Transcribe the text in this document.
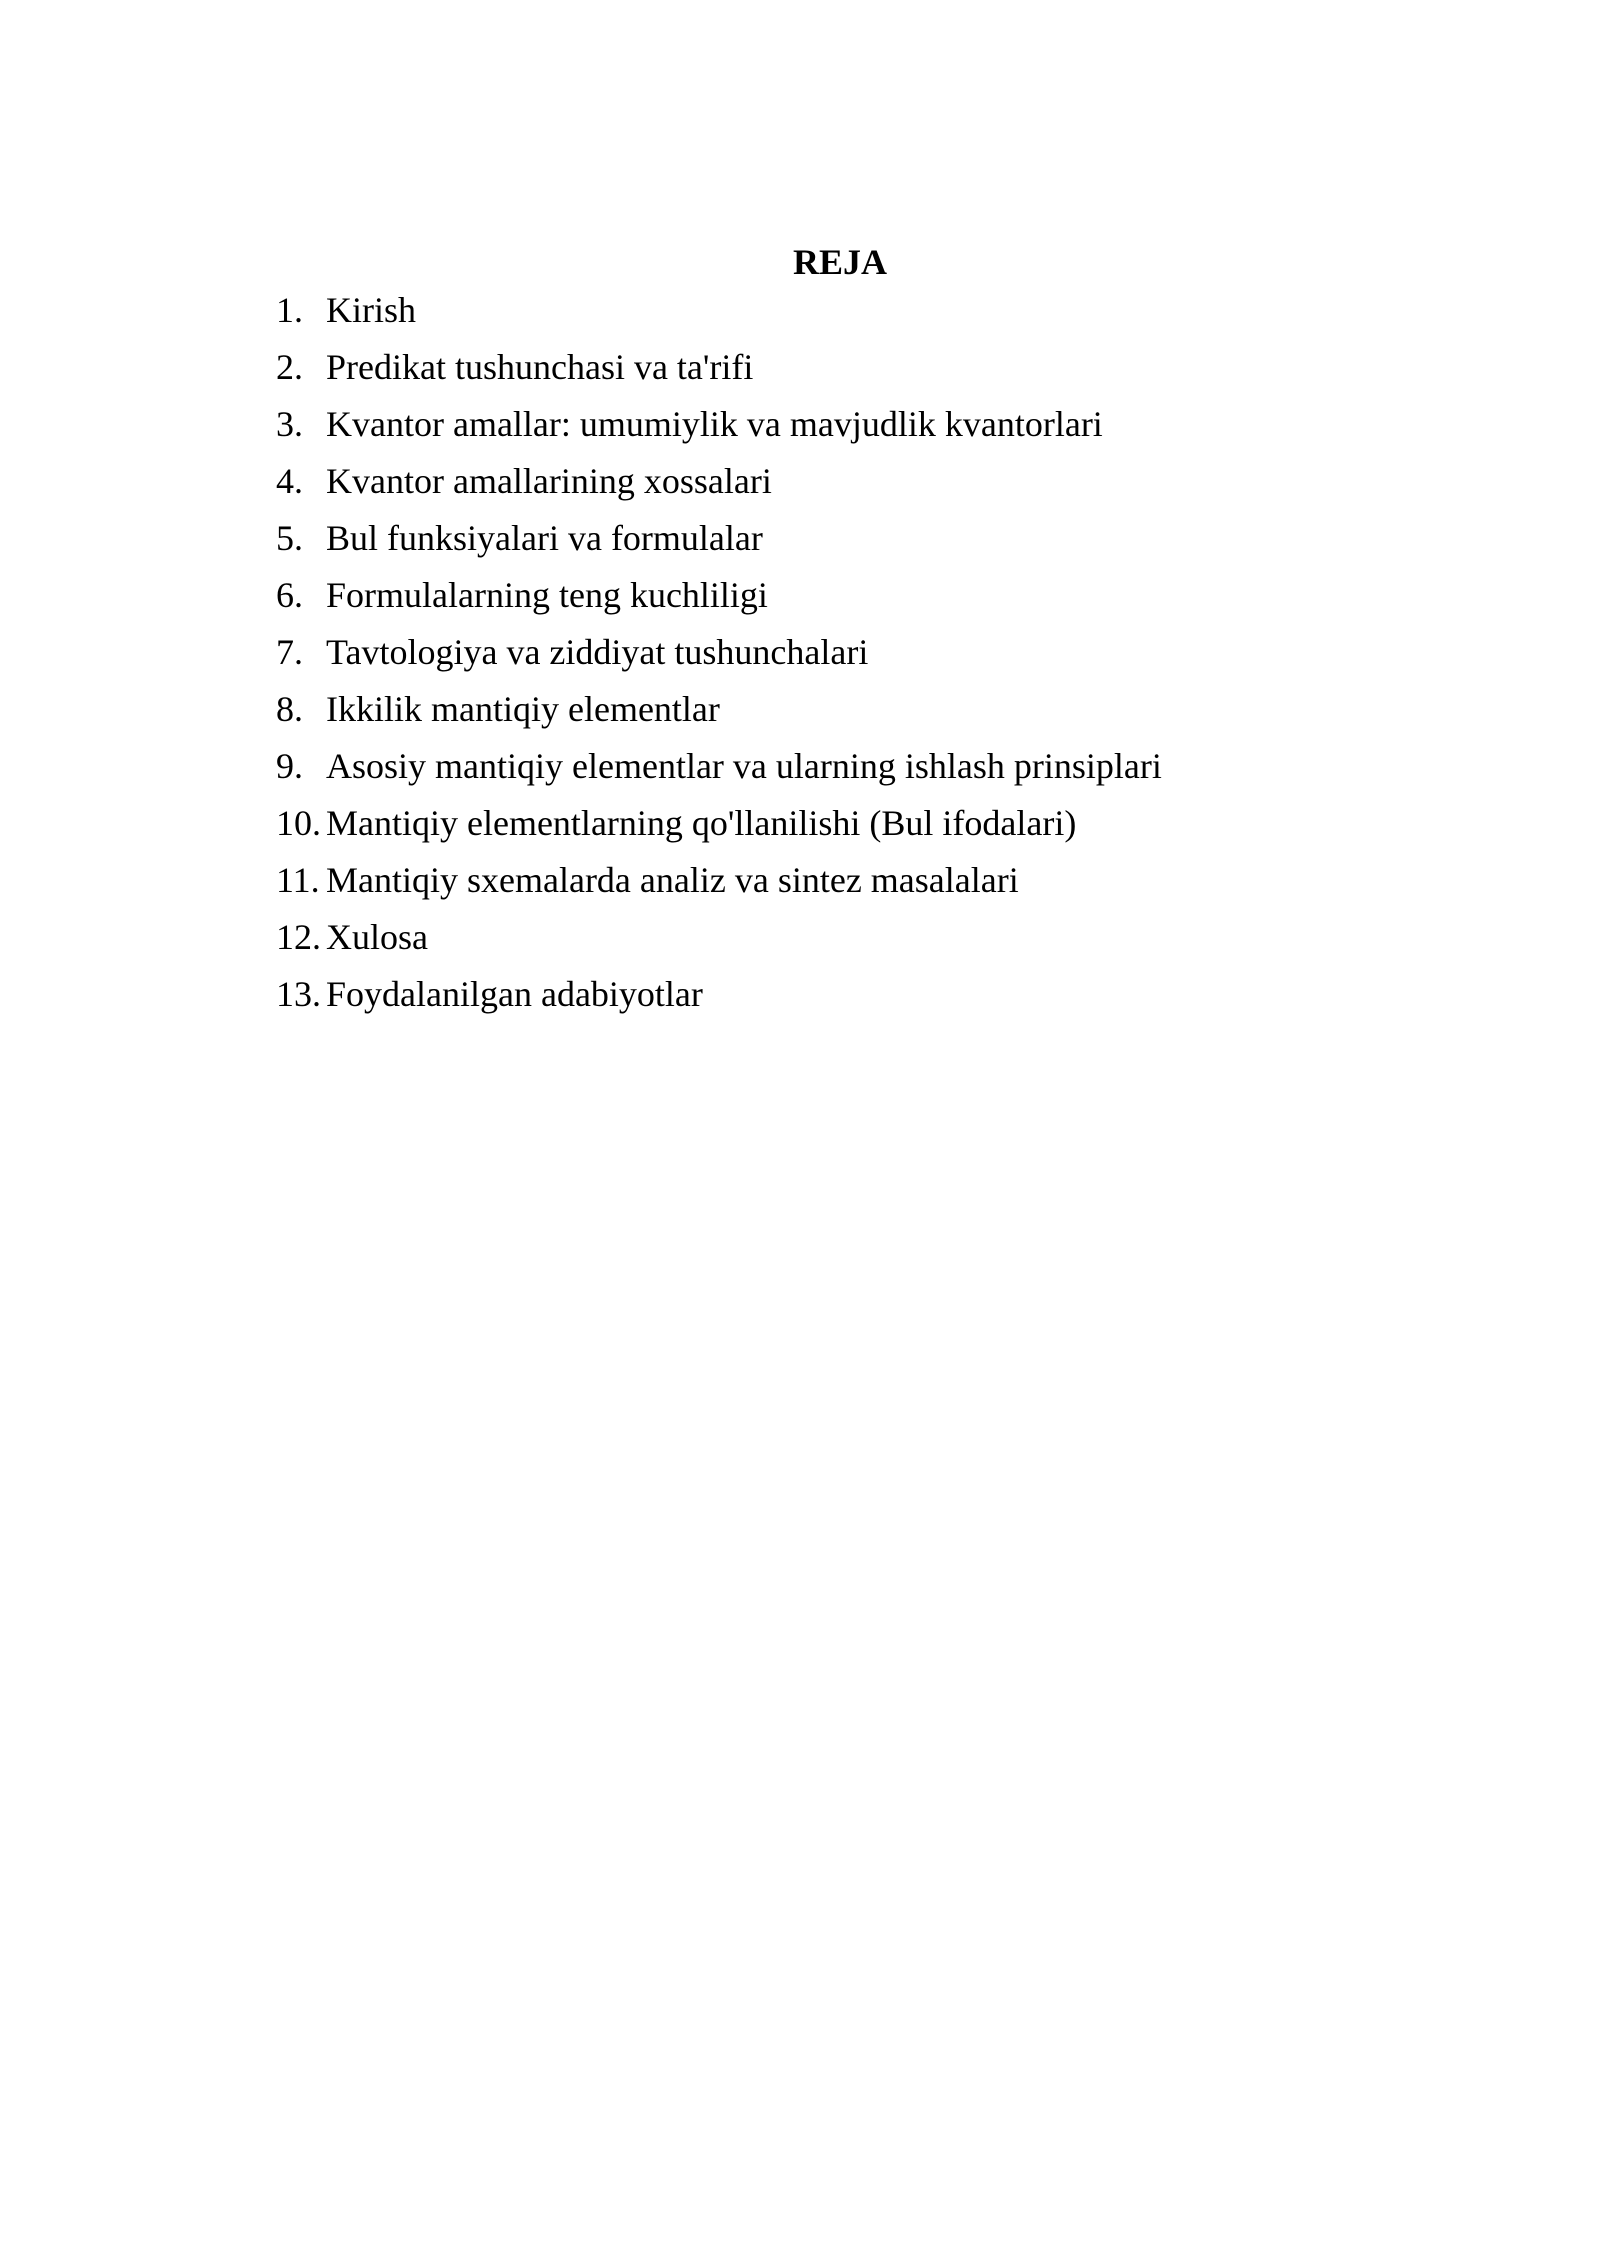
REJA
1. Kirish
2. Predikat tushunchasi va ta'rifi
3. Kvantor amallar: umumiylik va mavjudlik kvantorlari
4. Kvantor amallarining xossalari
5. Bul funksiyalari va formulalar
6. Formulalarning teng kuchliligi
7. Tavtologiya va ziddiyat tushunchalari
8. Ikkilik mantiqiy elementlar
9. Asosiy mantiqiy elementlar va ularning ishlash prinsiplari
10. Mantiqiy elementlarning qo'llanilishi (Bul ifodalari)
11. Mantiqiy sxemalarda analiz va sintez masalalari
12. Xulosa
13. Foydalanilgan adabiyotlar
